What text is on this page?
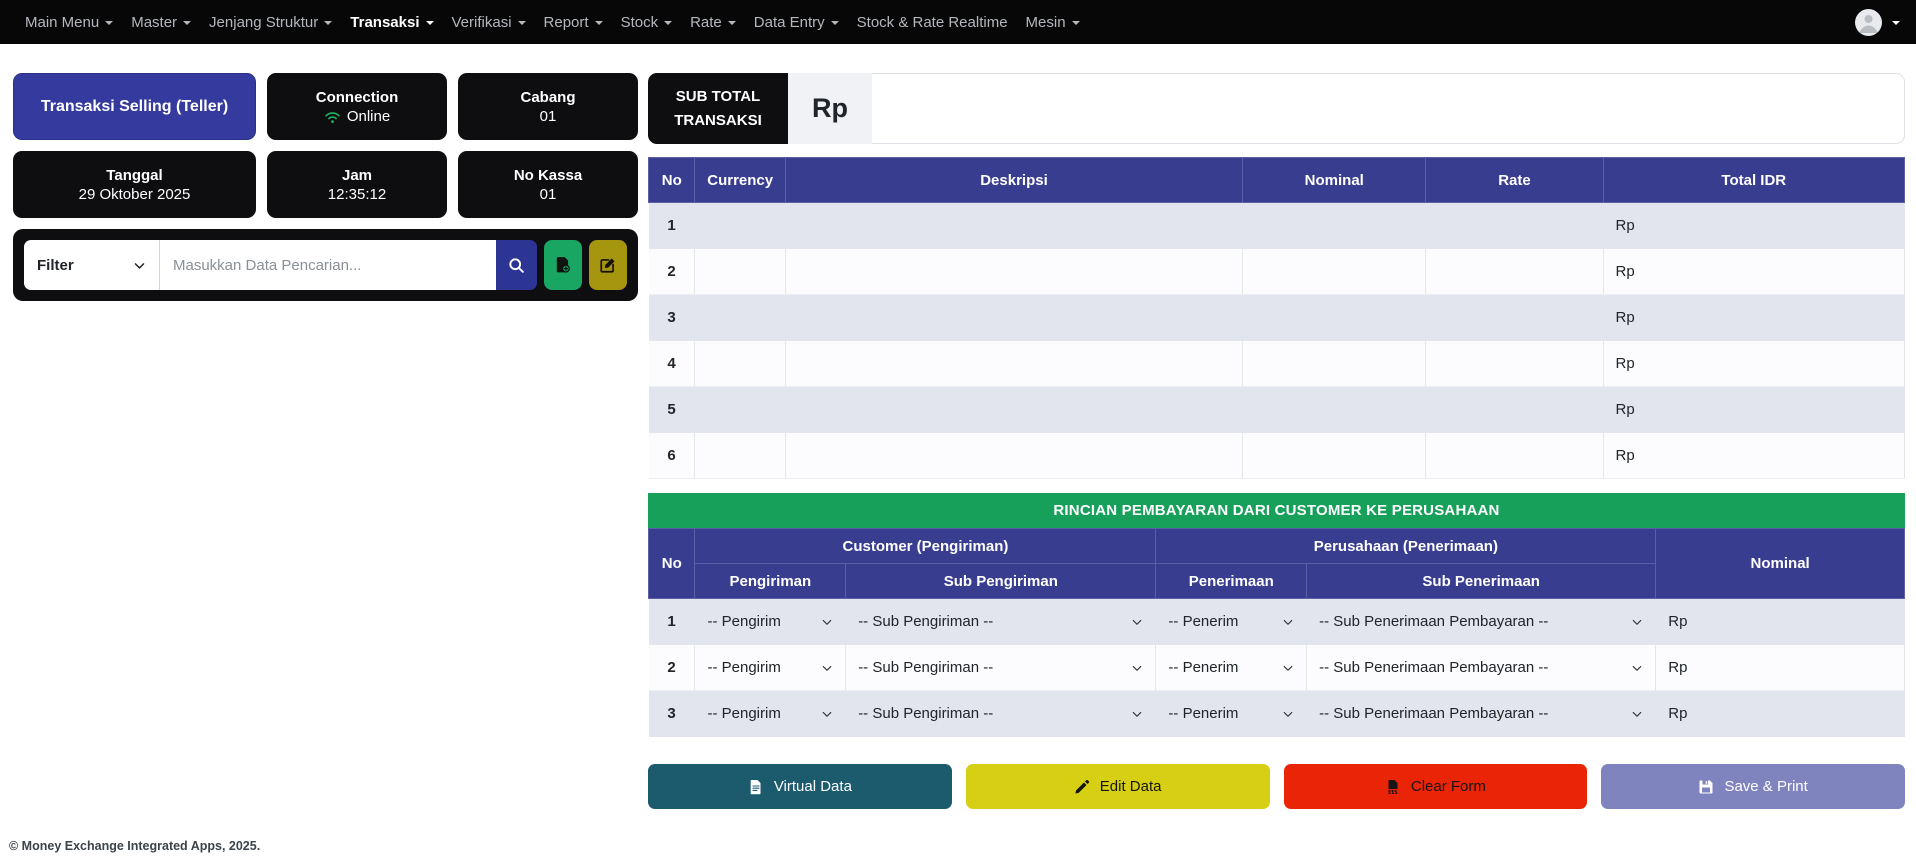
Main Menu Master Jenjang Struktur Transaksi Verifikasi Report Stock Rate Data Entry Stock & Rate Realtime Mesin
Transaksi Selling (Teller)
Connection
Online
Cabang
01
Tanggal
29 Oktober 2025
Jam
12:35:12
No Kassa
01
Filter
Masukkan Data Pencarian...
SUB TOTAL
TRANSAKSI	Rp
No	Currency	Deskripsi	Nominal	Rate	Total IDR
1					Rp
2					Rp
3					Rp
4					Rp
5					Rp
6					Rp
RINCIAN PEMBAYARAN DARI CUSTOMER KE PERUSAHAAN
No	Customer (Pengiriman)		Perusahaan (Penerimaan)		Nominal
	Pengiriman	Sub Pengiriman	Penerimaan	Sub Penerimaan	
1	-- Pengirim	-- Sub Pengiriman --	-- Penerim	-- Sub Penerimaan Pembayaran --	Rp
2	-- Pengirim	-- Sub Pengiriman --	-- Penerim	-- Sub Penerimaan Pembayaran --	Rp
3	-- Pengirim	-- Sub Pengiriman --	-- Penerim	-- Sub Penerimaan Pembayaran --	Rp
Virtual Data	Edit Data	Clear Form	Save & Print
© Money Exchange Integrated Apps, 2025.
